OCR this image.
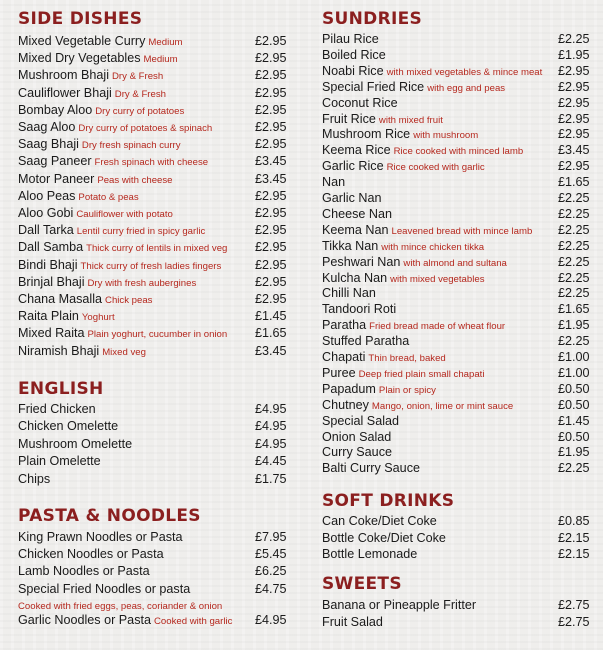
SIDE DISHES
ENGLISH
PASTA & NOODLES
Cooked with fried eggs, peas, coriander & onion
Mixed Vegetable Curry Medium	£2.95
Mixed Dry Vegetables Medium	£2.95
Mushroom Bhaji Dry & Fresh	£2.95
Cauliflower Bhaji Dry & Fresh	£2.95
Bombay Aloo Dry curry of potatoes	£2.95
Saag Aloo Dry curry of potatoes & spinach	£2.95
Saag Bhaji Dry fresh spinach curry	£2.95
Saag Paneer Fresh spinach with cheese	£3.45
Motor Paneer Peas with cheese	£3.45
Aloo Peas Potato & peas	£2.95
Aloo Gobi Cauliflower with potato	£2.95
Dall Tarka Lentil curry fried in spicy garlic	£2.95
Dall Samba Thick curry of lentils in mixed veg £2.95
Bindi Bhaji Thick curry of fresh ladies fingers	£2.95
Brinjal Bhaji Dry with fresh aubergines	£2.95
Chana Masalla Chick peas	£2.95
Raita Plain Yoghurt	£1.45
Mixed Raita Plain yoghurt, cucumber in onion £1.65
Niramish Bhaji Mixed veg	£3.45
Fried Chicken	£4.95
Chicken Omelette	£4.95
Mushroom Omelette	£4.95
Plain Omelette	£4.45
Chips	£1.75
King Prawn Noodles or Pasta	£7.95
Chicken Noodles or Pasta	£5.45
Lamb Noodles or Pasta	£6.25
Special Fried Noodles or pasta	£4.75
Garlic Noodles or Pasta Cooked with garlic £4.95
SUNDRIES
SOFT DRINKS
SWEETS
Pilau Rice	£2.25
Boiled Rice	£1.95
Noabi Rice with mixed vegetables & mince meat £2.95
Special Fried Rice with egg and peas	£2.95
Coconut Rice	£2.95
Fruit Rice with mixed fruit	£2.95
Mushroom Rice with mushroom	£2.95
Keema Rice Rice cooked with minced lamb	£3.45
Garlic Rice Rice cooked with garlic	£2.95
Nan	£1.65
Garlic Nan	£2.25
Cheese Nan	£2.25
Keema Nan Leavened bread with mince lamb £2.25
Tikka Nan with mince chicken tikka	£2.25
Peshwari Nan with almond and sultana	£2.25
Kulcha Nan with mixed vegetables	£2.25
Chilli Nan	£2.25
Tandoori Roti	£1.65
Paratha Fried bread made of wheat flour	£1.95
Stuffed Paratha	£2.25
Chapati Thin bread, baked	£1.00
Puree Deep fried plain small chapati	£1.00
Papadum Plain or spicy	£0.50
Chutney Mango, onion, lime or mint sauce	£0.50
Special Salad	£1.45
Onion Salad	£0.50
Curry Sauce	£1.95
Balti Curry Sauce	£2.25
Can Coke/Diet Coke	£0.85
Bottle Coke/Diet Coke	£2.15
Bottle Lemonade	£2.15
Banana or Pineapple Fritter	£2.75
Fruit Salad	£2.75
